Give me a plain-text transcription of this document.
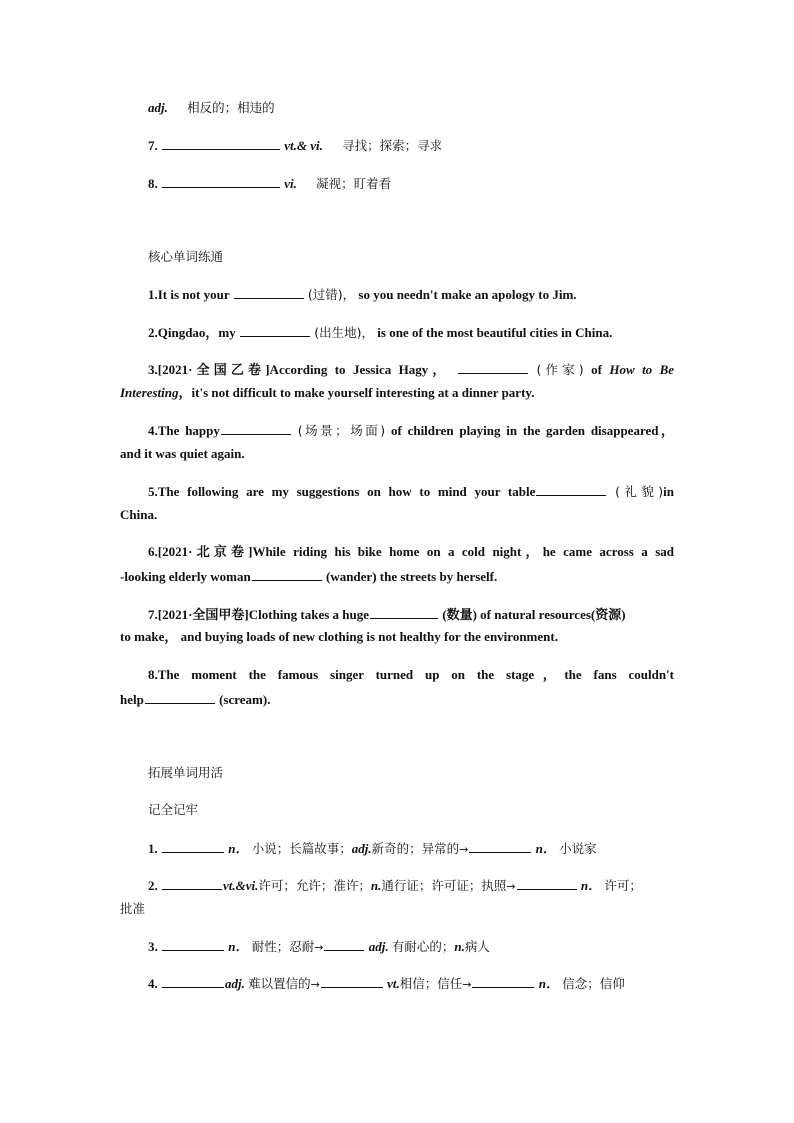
adj. 相反的；相违的
7.	vt.& vi. 寻找；探索；寻求
8.	vi. 凝视；盯着看
核心单词练通
1.It is not your	(过错)， so you needn't make an apology to Jim.
2.Qingdao，my	(出生地)， is one of the most beautiful cities in China.
3.[2021·全国乙卷]According to Jessica Hagy，	(作家) of How to Be
Interesting，it's not difficult to make yourself interesting at a dinner party.
4.The happy	(场景；场面) of children playing in the garden disappeared，
and it was quiet again.
5.The following are my suggestions on how to mind your table	(礼貌)in
China.
6.[2021·北京卷]While riding his bike home on a cold night，he came across a sad
-looking elderly woman	(wander) the streets by herself.
7.[2021·全国甲卷]Clothing takes a huge	(数量) of natural resources(资源)
to make， and buying loads of new clothing is not healthy for the environment.
8.The moment the famous singer turned up on the stage，the fans couldn't
help	(scream).
拓展单词用活
记全记牢
1.	n． 小说；长篇故事；adj.新奇的；异常的→	n． 小说家
2.	vt.&vi.许可；允许；准许；n.通行证；许可证；执照→	n． 许可；
批准
3.	n． 耐性；忍耐→	adj. 有耐心的；n.病人
4.	adj. 难以置信的→	vt.相信；信任→	n． 信念；信仰
